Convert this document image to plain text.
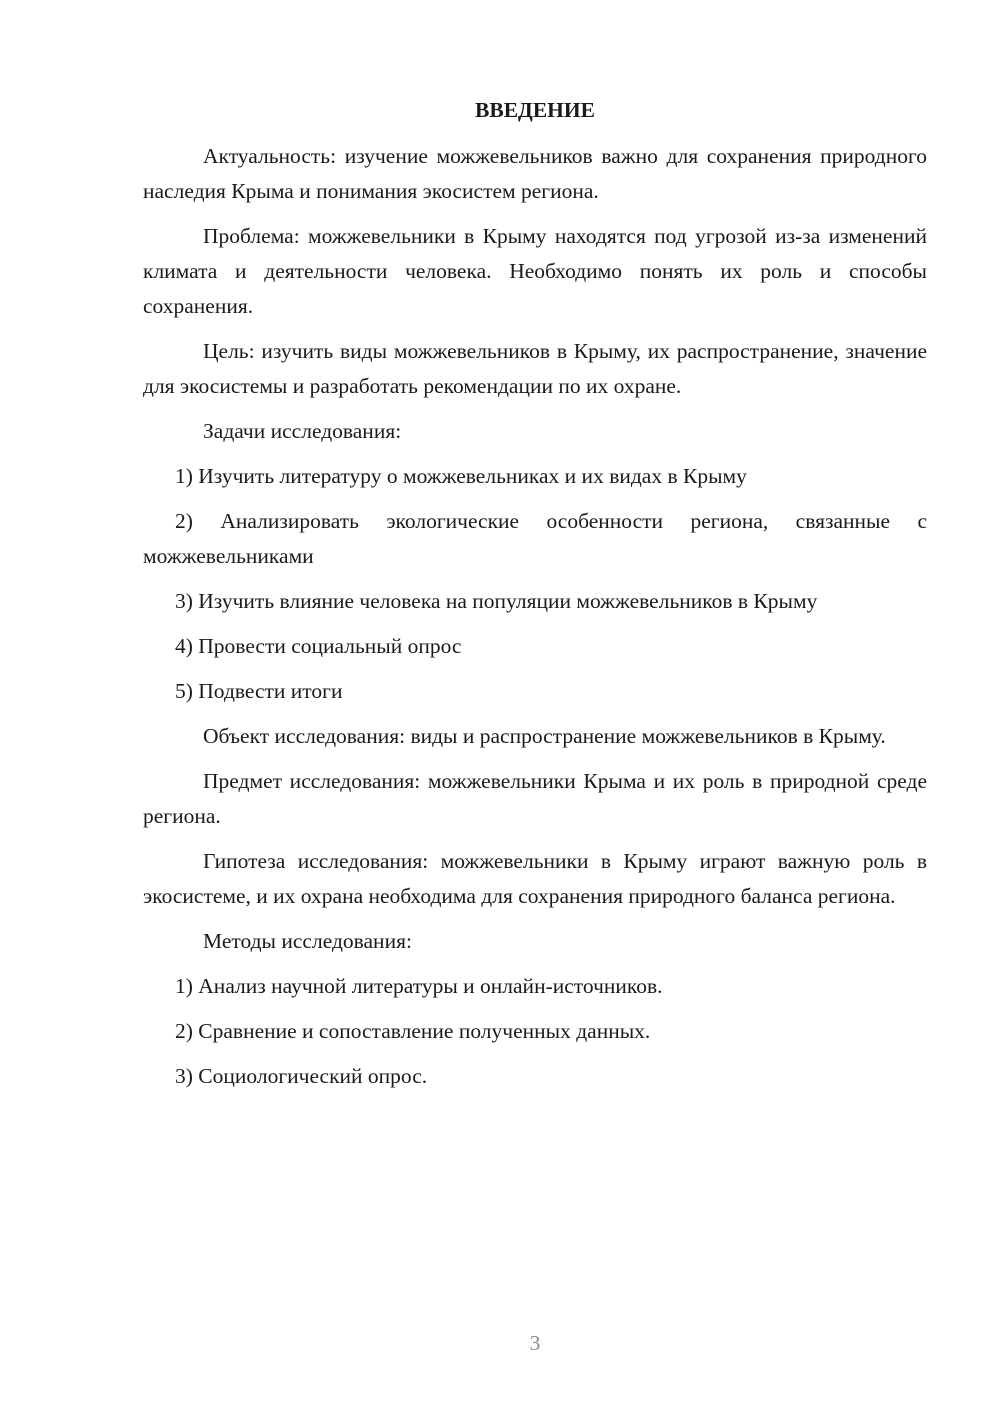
ВВЕДЕНИЕ

Актуальность: изучение можжевельников важно для сохранения природного наследия Крыма и понимания экосистем региона.

Проблема: можжевельники в Крыму находятся под угрозой из-за изменений климата и деятельности человека. Необходимо понять их роль и способы сохранения.

Цель: изучить виды можжевельников в Крыму, их распространение, значение для экосистемы и разработать рекомендации по их охране.

Задачи исследования:

1) Изучить литературу о можжевельниках и их видах в Крыму

2) Анализировать экологические особенности региона, связанные с можжевельниками

3) Изучить влияние человека на популяции можжевельников в Крыму

4) Провести социальный опрос

5) Подвести итоги

Объект исследования: виды и распространение можжевельников в Крыму.

Предмет исследования: можжевельники Крыма и их роль в природной среде региона.

Гипотеза исследования: можжевельники в Крыму играют важную роль в экосистеме, и их охрана необходима для сохранения природного баланса региона.

Методы исследования:

1) Анализ научной литературы и онлайн-источников.

2) Сравнение и сопоставление полученных данных.

3) Социологический опрос.

3
